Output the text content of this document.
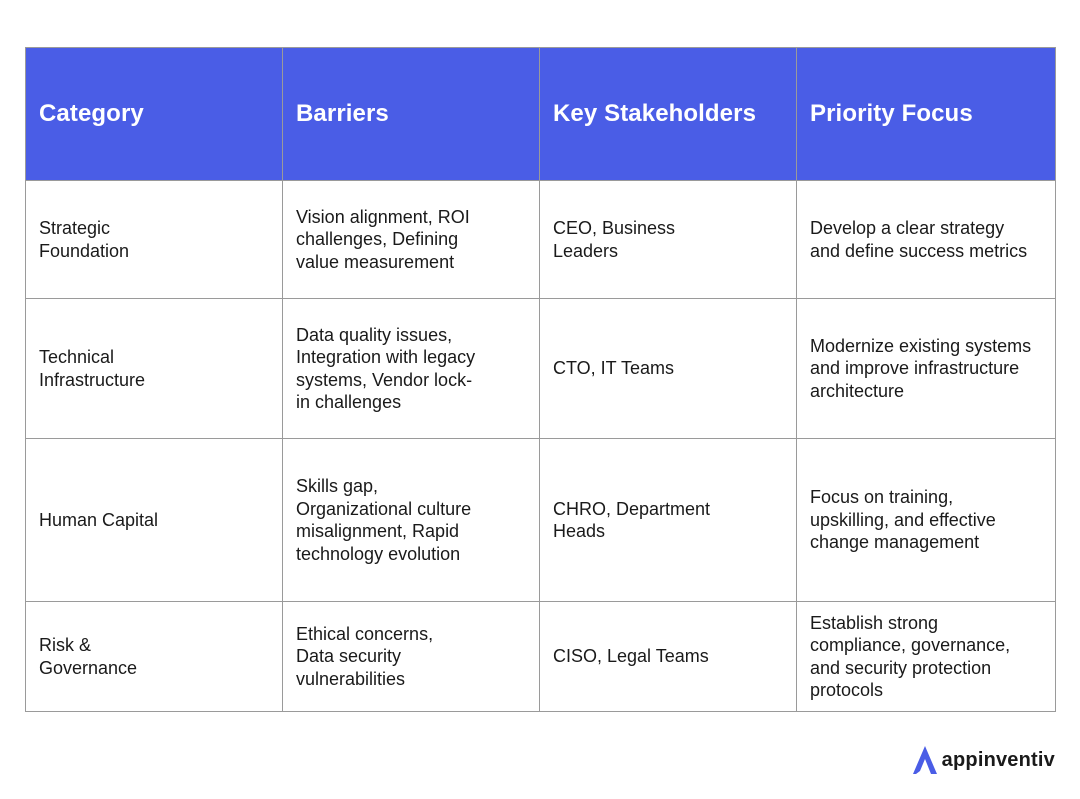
Category	Barriers	Key Stakeholders	Priority Focus

Strategic Foundation	Vision alignment, ROI challenges, Defining value measurement	CEO, Business Leaders	Develop a clear strategy and define success metrics

Technical Infrastructure	Data quality issues, Integration with legacy systems, Vendor lock-in challenges	CTO, IT Teams	Modernize existing systems and improve infrastructure architecture

Human Capital	Skills gap, Organizational culture misalignment, Rapid technology evolution	CHRO, Department Heads	Focus on training, upskilling, and effective change management

Risk & Governance	Ethical concerns, Data security vulnerabilities	CISO, Legal Teams	Establish strong compliance, governance, and security protection protocols
appinventiv
